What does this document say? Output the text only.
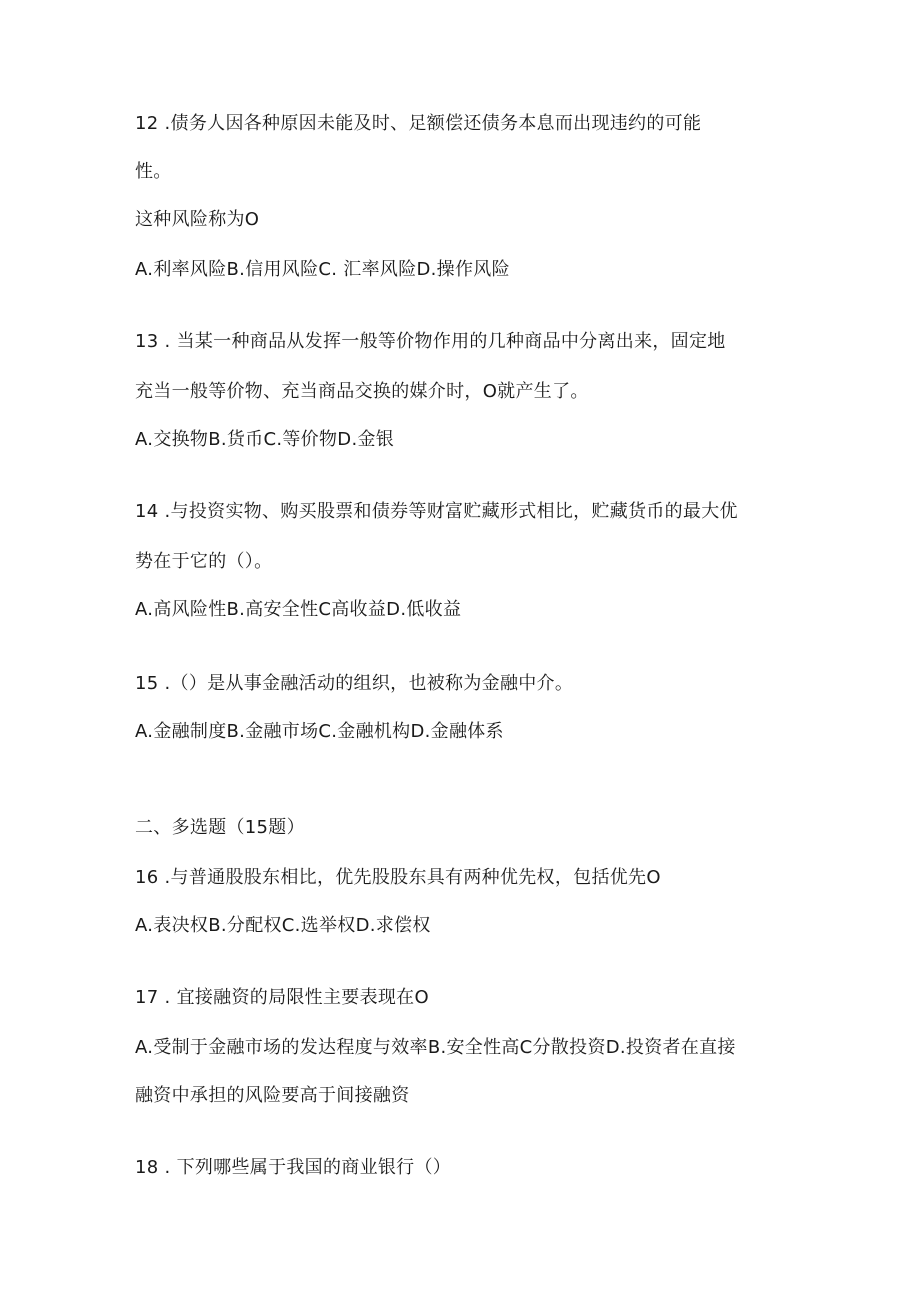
12 .债务人因各种原因未能及时、足额偿还债务本息而出现违约的可能
性。
这种风险称为O
A.利率风险B.信用风险C. 汇率风险D.操作风险
13 . 当某一种商品从发挥一般等价物作用的几种商品中分离出来，固定地
充当一般等价物、充当商品交换的媒介时，O就产生了。
A.交换物B.货币C.等价物D.金银
14 .与投资实物、购买股票和债券等财富贮藏形式相比，贮藏货币的最大优
势在于它的（）。
A.高风险性B.高安全性C高收益D.低收益
15 .（）是从事金融活动的组织，也被称为金融中介。
A.金融制度B.金融市场C.金融机构D.金融体系
二、多选题（15题）
16 .与普通股股东相比，优先股股东具有两种优先权，包括优先O
A.表决权B.分配权C.选举权D.求偿权
17 . 宜接融资的局限性主要表现在O
A.受制于金融市场的发达程度与效率B.安全性高C分散投资D.投资者在直接
融资中承担的风险要高于间接融资
18 . 下列哪些属于我国的商业银行（）
